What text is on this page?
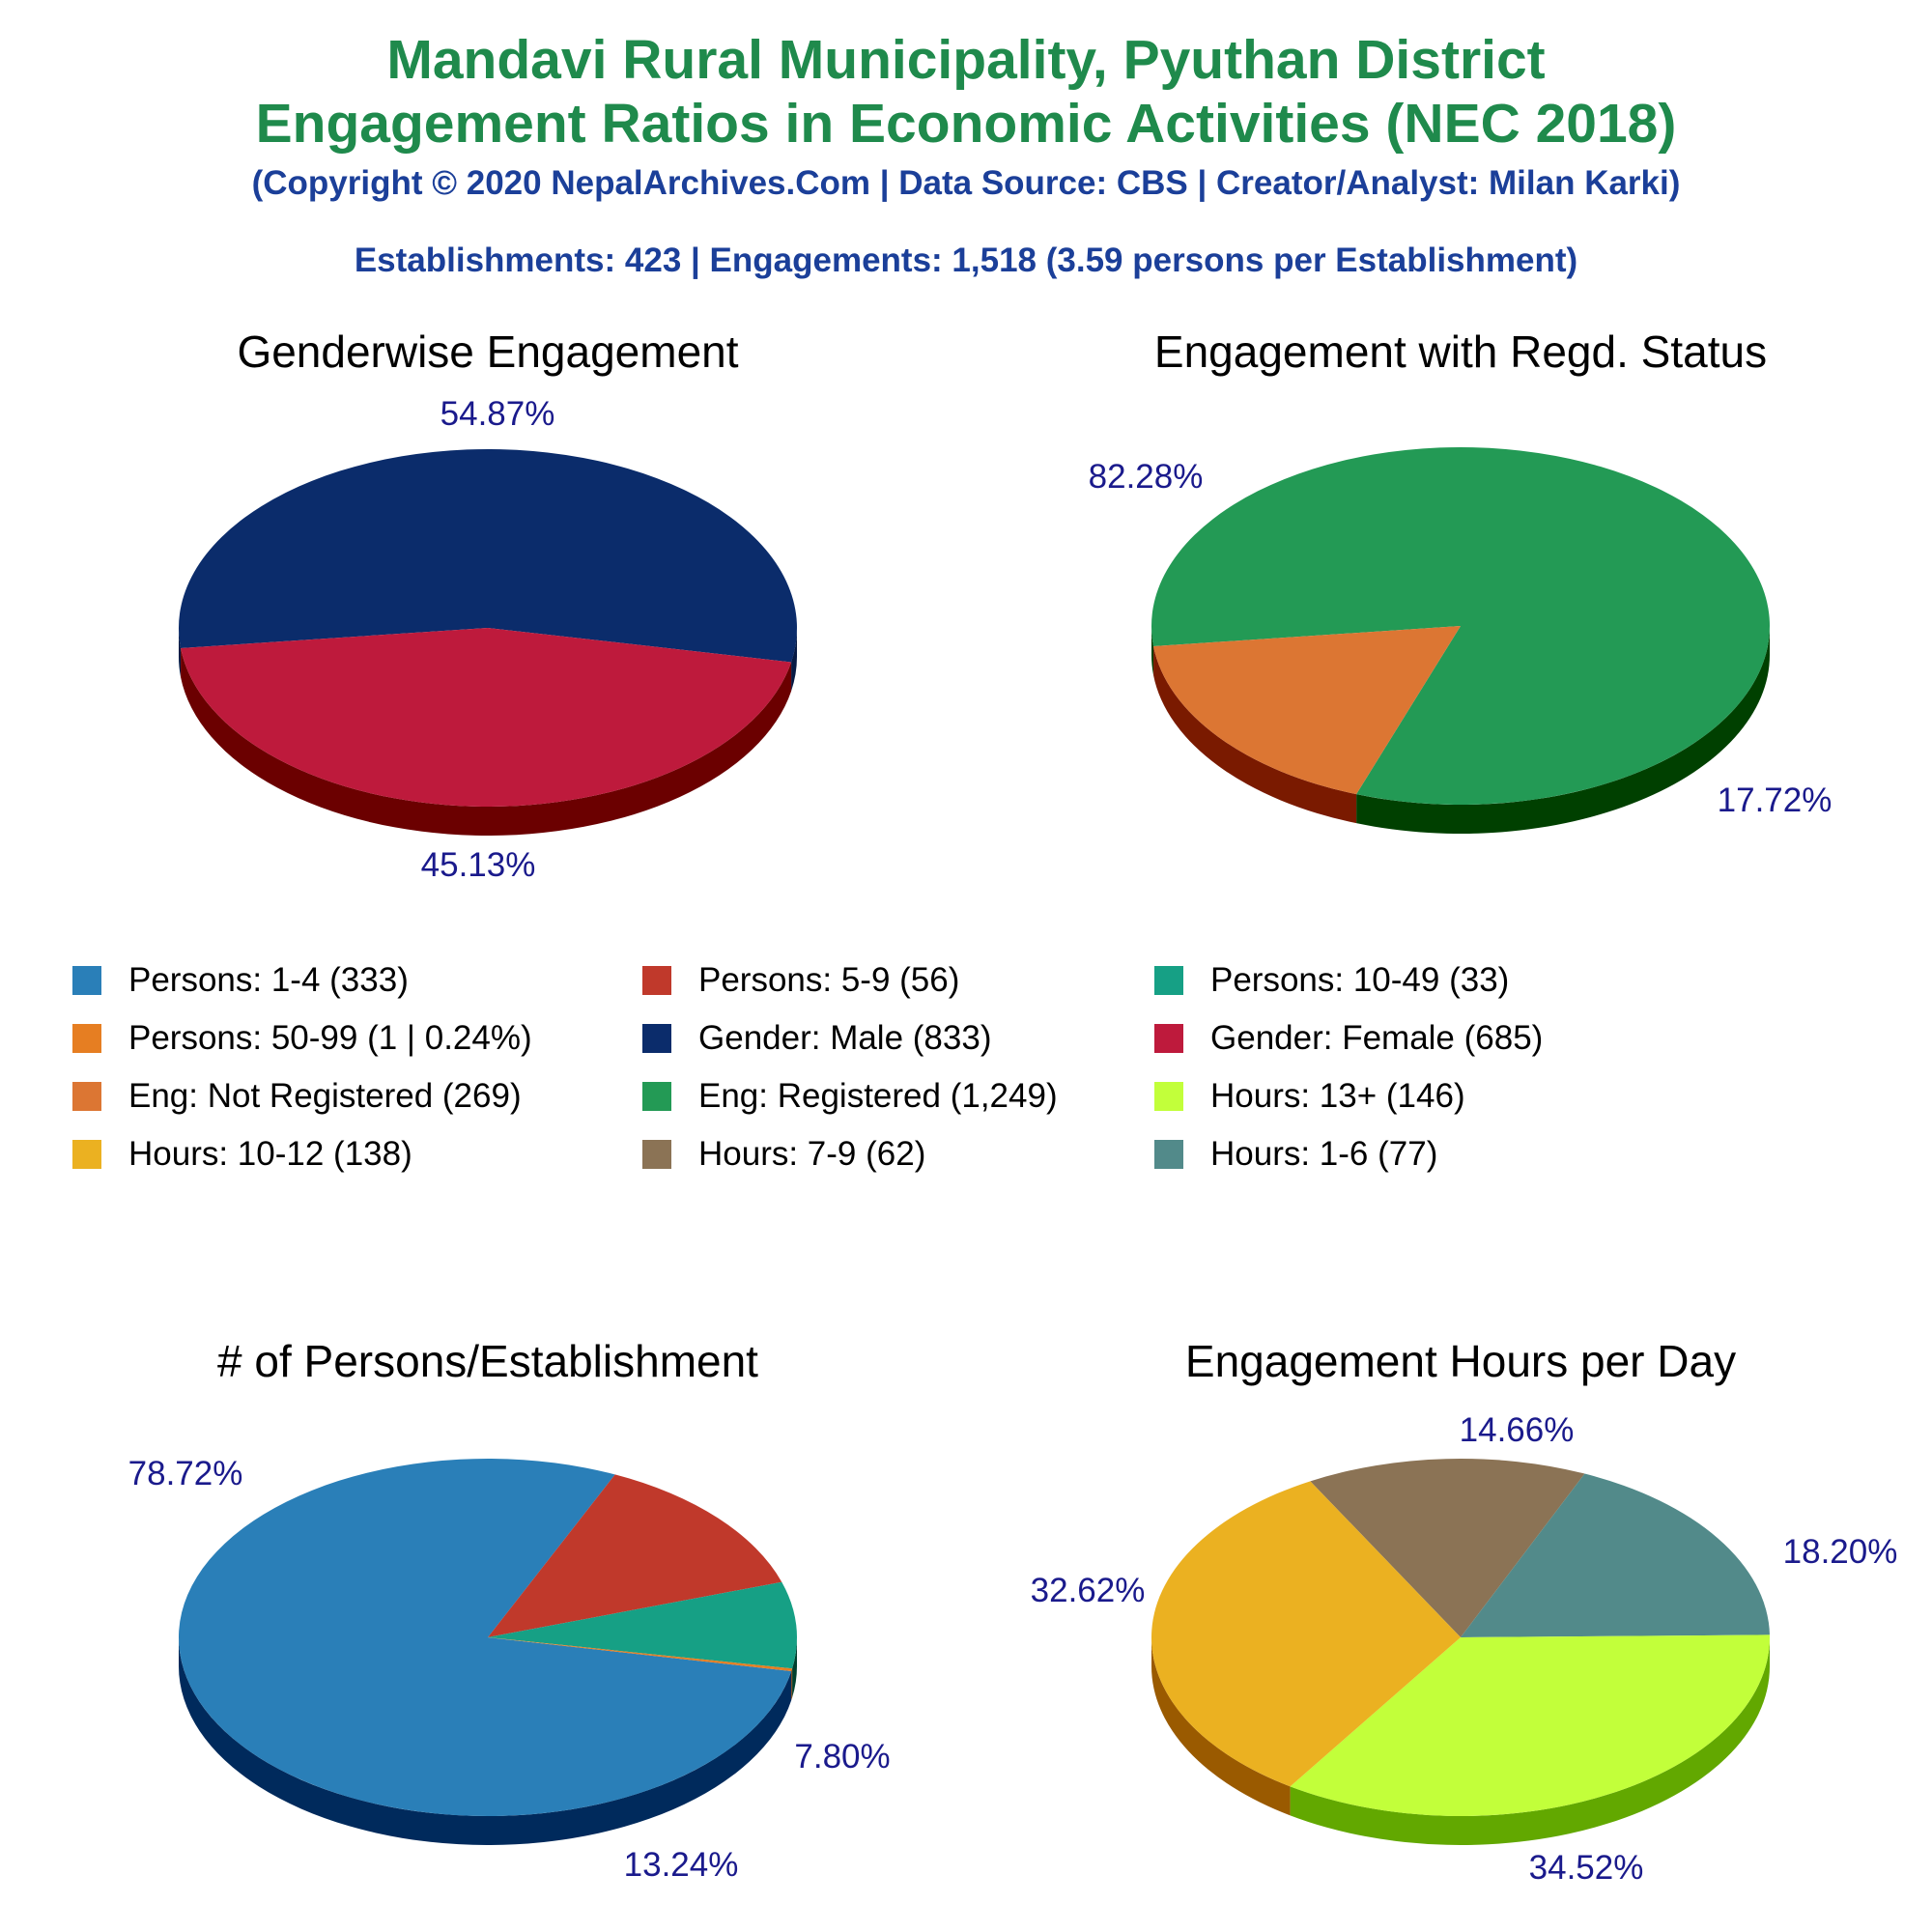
Mandavi Rural Municipality, Pyuthan District
Engagement Ratios in Economic Activities (NEC 2018)
(Copyright © 2020 NepalArchives.Com | Data Source: CBS | Creator/Analyst: Milan Karki)
Establishments: 423 | Engagements: 1,518 (3.59 persons per Establishment)
Genderwise Engagement
54.87%
45.13%
Engagement with Regd. Status
82.28%
17.72%
# of Persons/Establishment
78.72%
13.24%
7.80%
Engagement Hours per Day
14.66%
18.20%
34.52%
32.62%
Persons: 1-4 (333)	Persons: 5-9 (56)	Persons: 10-49 (33)
Persons: 50-99 (1 | 0.24%)	Gender: Male (833)	Gender: Female (685)
Eng: Not Registered (269)	Eng: Registered (1,249)	Hours: 13+ (146)
Hours: 10-12 (138)	Hours: 7-9 (62)	Hours: 1-6 (77)
